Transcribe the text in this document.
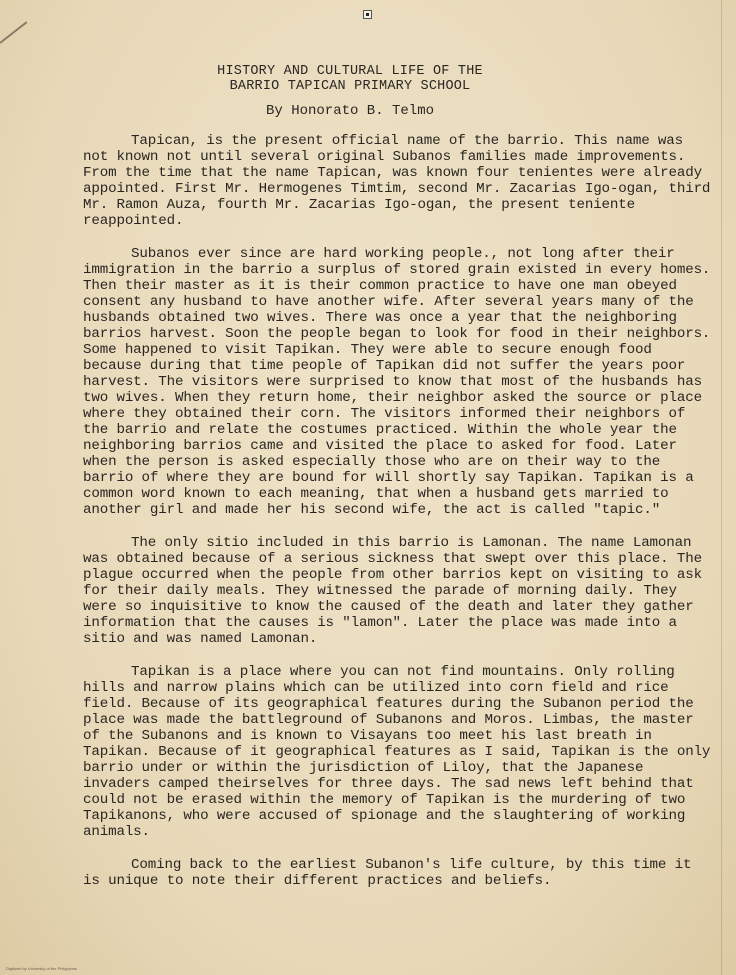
HISTORY AND CULTURAL LIFE OF THE
BARRIO TAPICAN PRIMARY SCHOOL
By Honorato B. Telmo

Tapican, is the present official name of the barrio. This name was not known not until several original Subanos families made improvements. From the time that the name Tapican, was known four tenientes were already appointed. First Mr. Hermogenes Timtim, second Mr. Zacarias Igo-ogan, third Mr. Ramon Auza, fourth Mr. Zacarias Igo-ogan, the present teniente reappointed.

Subanos ever since are hard working people., not long after their immigration in the barrio a surplus of stored grain existed in every homes. Then their master as it is their common practice to have one man obeyed consent any husband to have another wife. After several years many of the husbands obtained two wives. There was once a year that the neighboring barrios harvest. Soon the people began to look for food in their neighbors. Some happened to visit Tapikan. They were able to secure enough food because during that time people of Tapikan did not suffer the years poor harvest. The visitors were surprised to know that most of the husbands has two wives. When they return home, their neighbor asked the source or place where they obtained their corn. The visitors informed their neighbors of the barrio and relate the costumes practiced. Within the whole year the neighboring barrios came and visited the place to asked for food. Later when the person is asked especially those who are on their way to the barrio of where they are bound for will shortly say Tapikan. Tapikan is a common word known to each meaning, that when a husband gets married to another girl and made her his second wife, the act is called "tapic."

The only sitio included in this barrio is Lamonan. The name Lamonan was obtained because of a serious sickness that swept over this place. The plague occurred when the people from other barrios kept on visiting to ask for their daily meals. They witnessed the parade of morning daily. They were so inquisitive to know the caused of the death and later they gather information that the causes is "lamon". Later the place was made into a sitio and was named Lamonan.

Tapikan is a place where you can not find mountains. Only rolling hills and narrow plains which can be utilized into corn field and rice field. Because of its geographical features during the Subanon period the place was made the battleground of Subanons and Moros. Limbas, the master of the Subanons and is known to Visayans too meet his last breath in Tapikan. Because of it geographical features as I said, Tapikan is the only barrio under or within the jurisdiction of Liloy, that the Japanese invaders camped theirselves for three days. The sad news left behind that could not be erased within the memory of Tapikan is the murdering of two Tapikanons, who were accused of spionage and the slaughtering of working animals.

Coming back to the earliest Subanon's life culture, by this time it is unique to note their different practices and beliefs.

Digitized by University of the Philippines
